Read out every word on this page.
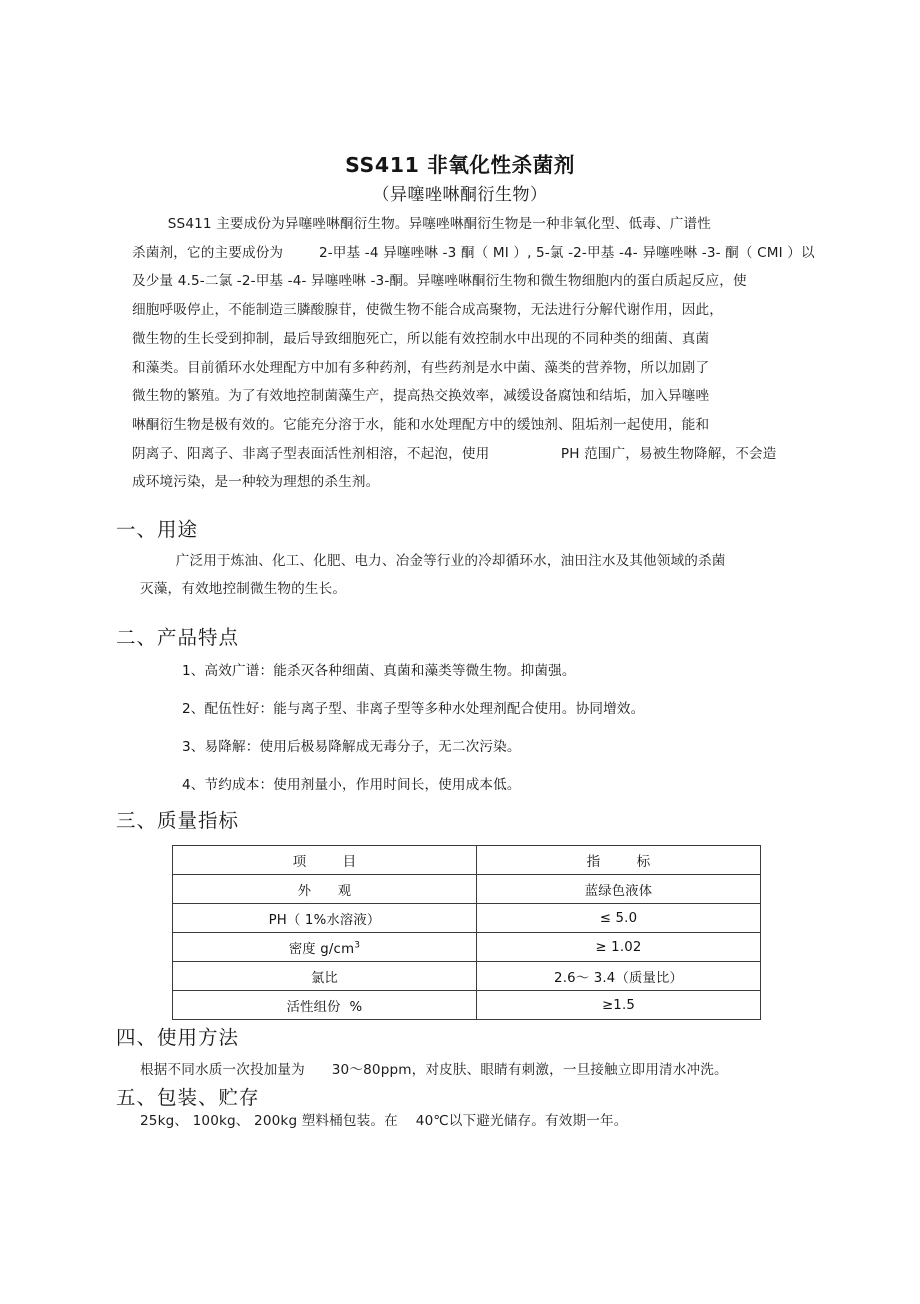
SS411 非氧化性杀菌剂
（异噻唑啉酮衍生物）
SS411 主要成份为异噻唑啉酮衍生物。异噻唑啉酮衍生物是一种非氧化型、低毒、广谱性
杀菌剂，它的主要成份为        2-甲基 -4 异噻唑啉 -3 酮（ MI ）, 5-氯 -2-甲基 -4- 异噻唑啉 -3- 酮（ CMI ）以
及少量 4.5-二氯 -2-甲基 -4- 异噻唑啉 -3-酮。异噻唑啉酮衍生物和微生物细胞内的蛋白质起反应，使
细胞呼吸停止，不能制造三膦酸腺苷，使微生物不能合成高聚物，无法进行分解代谢作用，因此，
微生物的生长受到抑制，最后导致细胞死亡，所以能有效控制水中出现的不同种类的细菌、真菌
和藻类。目前循环水处理配方中加有多种药剂，有些药剂是水中菌、藻类的营养物，所以加剧了
微生物的繁殖。为了有效地控制菌藻生产，提高热交换效率，减缓设备腐蚀和结垢，加入异噻唑
啉酮衍生物是极有效的。它能充分溶于水，能和水处理配方中的缓蚀剂、阻垢剂一起使用，能和
阴离子、阳离子、非离子型表面活性剂相溶，不起泡，使用                PH 范围广，易被生物降解，不会造
成环境污染，是一种较为理想的杀生剂。
一、用途
广泛用于炼油、化工、化肥、电力、冶金等行业的冷却循环水，油田注水及其他领域的杀菌
灭藻，有效地控制微生物的生长。
二、产品特点
1、高效广谱：能杀灭各种细菌、真菌和藻类等微生物。抑菌强。
2、配伍性好：能与离子型、非离子型等多种水处理剂配合使用。协同增效。
3、易降解：使用后极易降解成无毒分子，无二次污染。
4、节约成本：使用剂量小，作用时间长，使用成本低。
三、质量指标
项        目	指        标
外      观	蓝绿色液体
PH（ 1%水溶液）	≤ 5.0
密度 $g/cm^3$	≥ 1.02
氯比	2.6～ 3.4（质量比）
活性组份  %	≥1.5
四、使用方法
根据不同水质一次投加量为      30～80ppm，对皮肤、眼睛有刺激，一旦接触立即用清水冲洗。
五、包装、贮存
25kg、 100kg、 200kg 塑料桶包装。在    40℃以下避光储存。有效期一年。
